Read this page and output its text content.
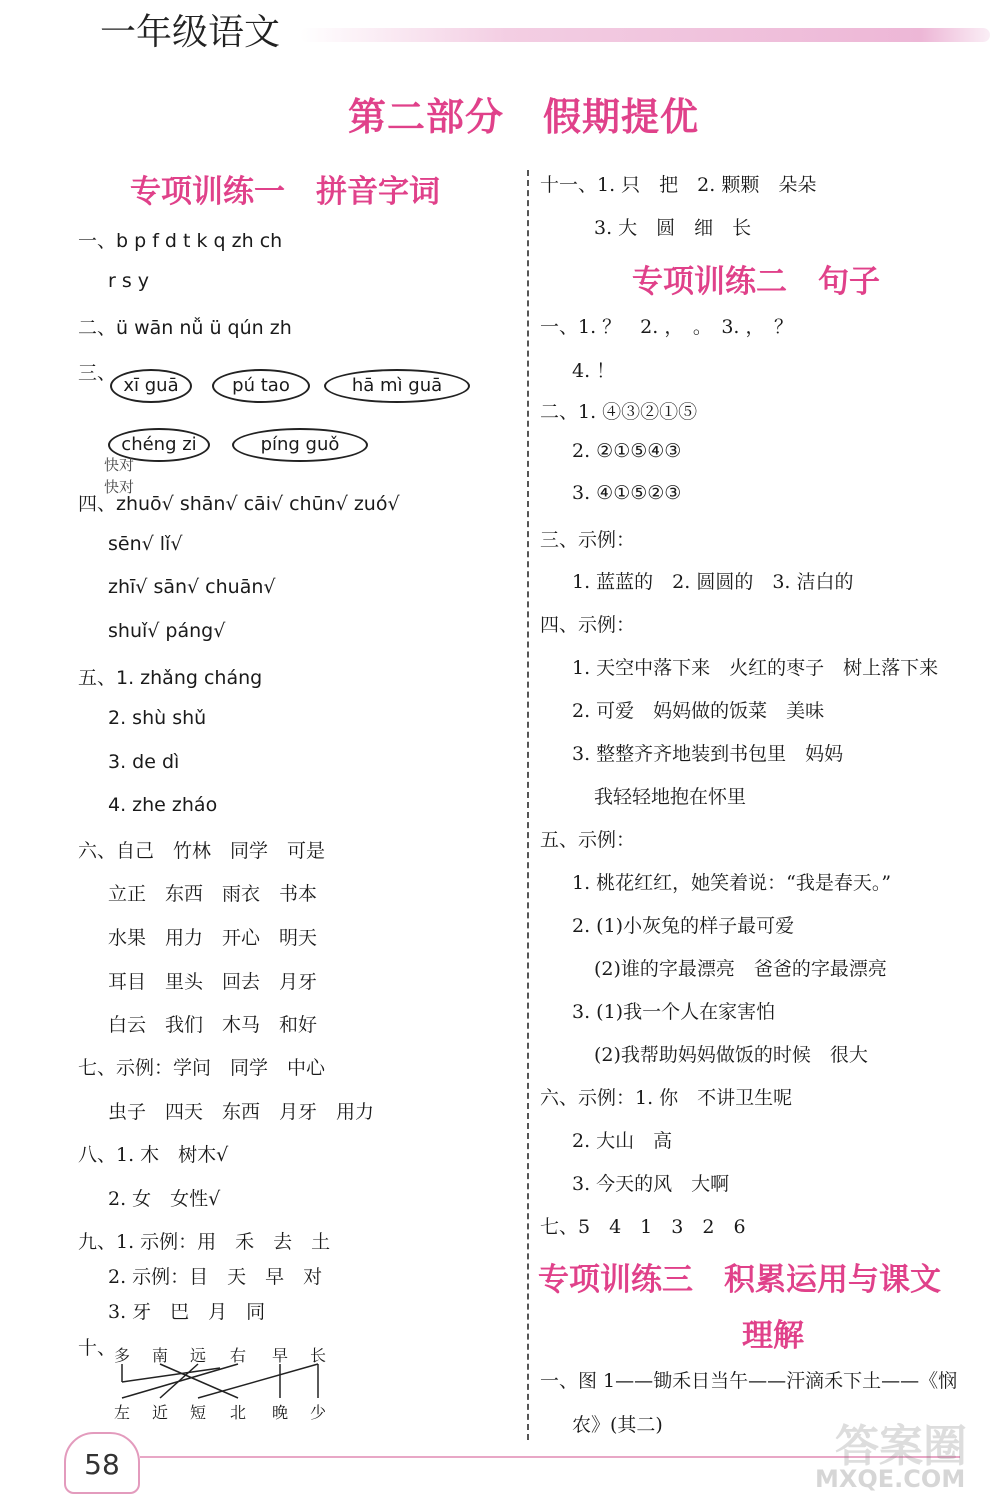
一年级语文
第二部分　假期提优
专项训练一　拼音字词
一、b p f d t k q zh ch
r s y
二、ü wān nǚ ü qún zh
三、
xī guā	pú tao	hā mì guā
chéng zi	píng guǒ
快对
快对
四、zhuō√ shān√ cāi√ chūn√ zuó√
sēn√ lǐ√
zhī√ sān√ chuān√
shuǐ√ páng√
五、1. zhǎng cháng
2. shù shǔ
3. de dì
4. zhe zháo
六、自己　竹林　同学　可是
立正　东西　雨衣　书本
水果　用力　开心　明天
耳目　里头　回去　月牙
白云　我们　木马　和好
七、示例：学问　同学　中心
虫子　四天　东西　月牙　用力
八、1. 木　树木√
2. 女　女性√
九、1. 示例：用　禾　去　土
2. 示例：目　天　早　对
3. 牙　巴　月　同
十、
多 南 远 右 早 长
左 近 短 北 晚 少
十一、1. 只　把　2. 颗颗　朵朵
3. 大　圆　细　长
专项训练二　句子
一、1. ？　2. ，　。　3. ，　？
4. ！
二、1. ④③②①⑤
2. ②①⑤④③
3. ④①⑤②③
三、示例：
1. 蓝蓝的　2. 圆圆的　3. 洁白的
四、示例：
1. 天空中落下来　火红的枣子　树上落下来
2. 可爱　妈妈做的饭菜　美味
3. 整整齐齐地装到书包里　妈妈
我轻轻地抱在怀里
五、示例：
1. 桃花红红，她笑着说：“我是春天。”
2. (1)小灰兔的样子最可爱
(2)谁的字最漂亮　爸爸的字最漂亮
3. (1)我一个人在家害怕
(2)我帮助妈妈做饭的时候　很大
六、示例：1. 你　不讲卫生呢
2. 大山　高
3. 今天的风　大啊
七、5　4　1　3　2　6
专项训练三　积累运用与课文
理解
一、图 1——锄禾日当午——汗滴禾下土——《悯
农》(其二)
58	答案圈
MXQE.COM
